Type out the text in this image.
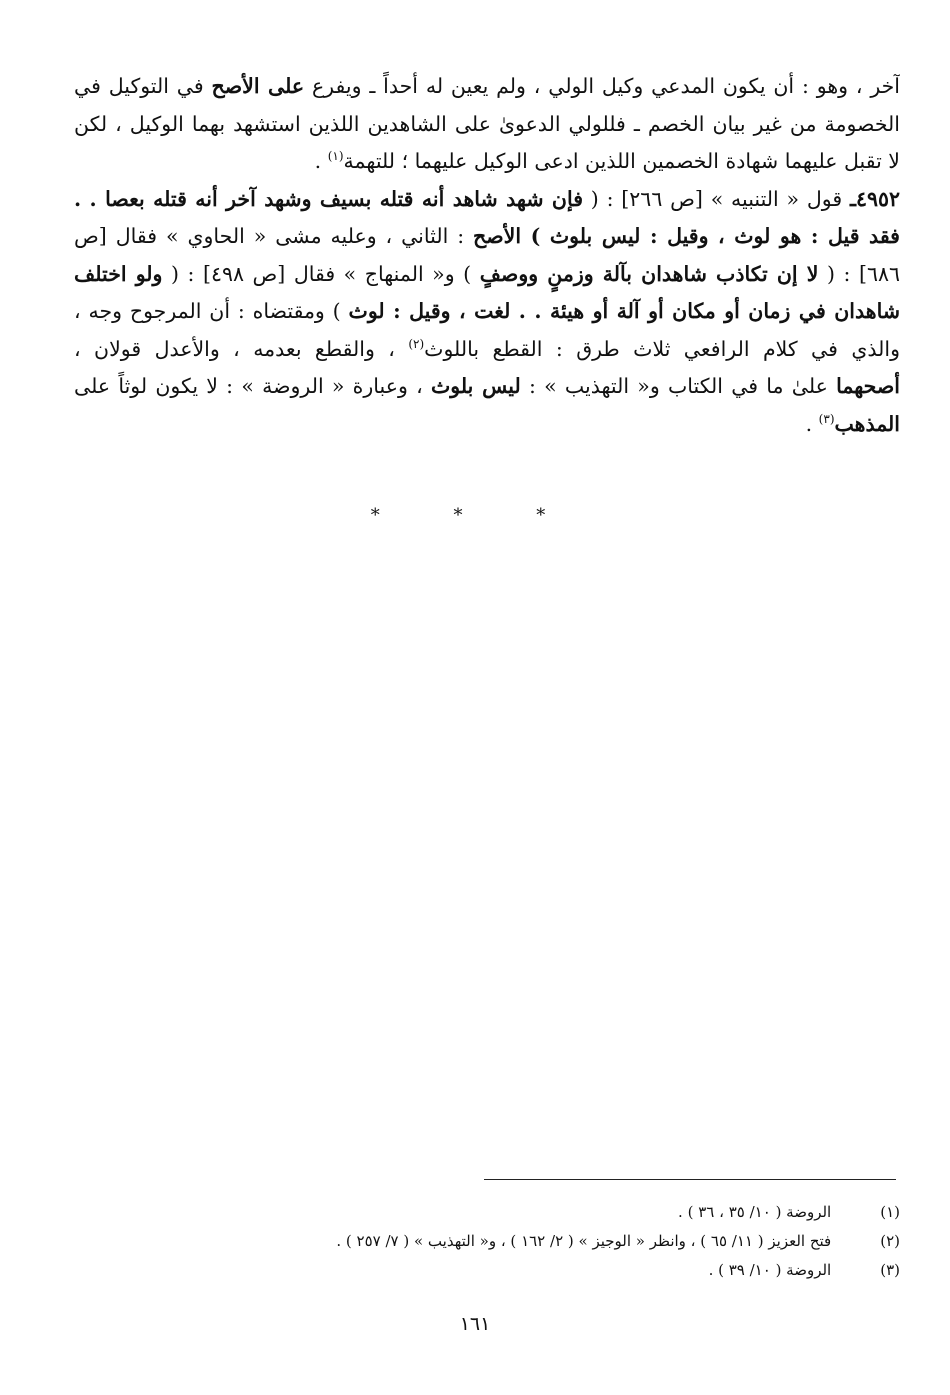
آخر ، وهو : أن يكون المدعي وكيل الولي ، ولم يعين له أحداً ـ ويفرع على الأصح في التوكيل في
الخصومة من غير بيان الخصم ـ فللولي الدعوىٰ على الشاهدين اللذين استشهد بهما الوكيل ، لكن
لا تقبل عليهما شهادة الخصمين اللذين ادعى الوكيل عليهما ؛ للتهمة$^{(١)}$ .
٤٩٥٢ـ قول « التنبيه » [ص ٢٦٦] : ( فإن شهد شاهد أنه قتله بسيف وشهد آخر أنه قتله بعصا . .
فقد قيل : هو لوث ، وقيل : ليس بلوث ) الأصح : الثاني ، وعليه مشى « الحاوي » فقال [ص
٦٨٦] : ( لا إن تكاذب شاهدان بآلة وزمنٍ ووصفٍ ) و« المنهاج » فقال [ص ٤٩٨] : ( ولو اختلف
شاهدان في زمان أو مكان أو آلة أو هيئة . . لغت ، وقيل : لوث ) ومقتضاه : أن المرجوح وجه ،
والذي في كلام الرافعي ثلاث طرق : القطع باللوث$^{(٢)}$ ، والقطع بعدمه ، والأعدل قولان ،
أصحهما علىٰ ما في الكتاب و« التهذيب » : ليس بلوث ، وعبارة « الروضة » : لا يكون لوثاً على
المذهب$^{(٣)}$ .
* * *
(١) الروضة ( ١٠/ ٣٥ ، ٣٦ ) .
(٢) فتح العزيز ( ١١/ ٦٥ ) ، وانظر « الوجيز » ( ٢/ ١٦٢ ) ، و« التهذيب » ( ٧/ ٢٥٧ ) .
(٣) الروضة ( ١٠/ ٣٩ ) .
١٦١
